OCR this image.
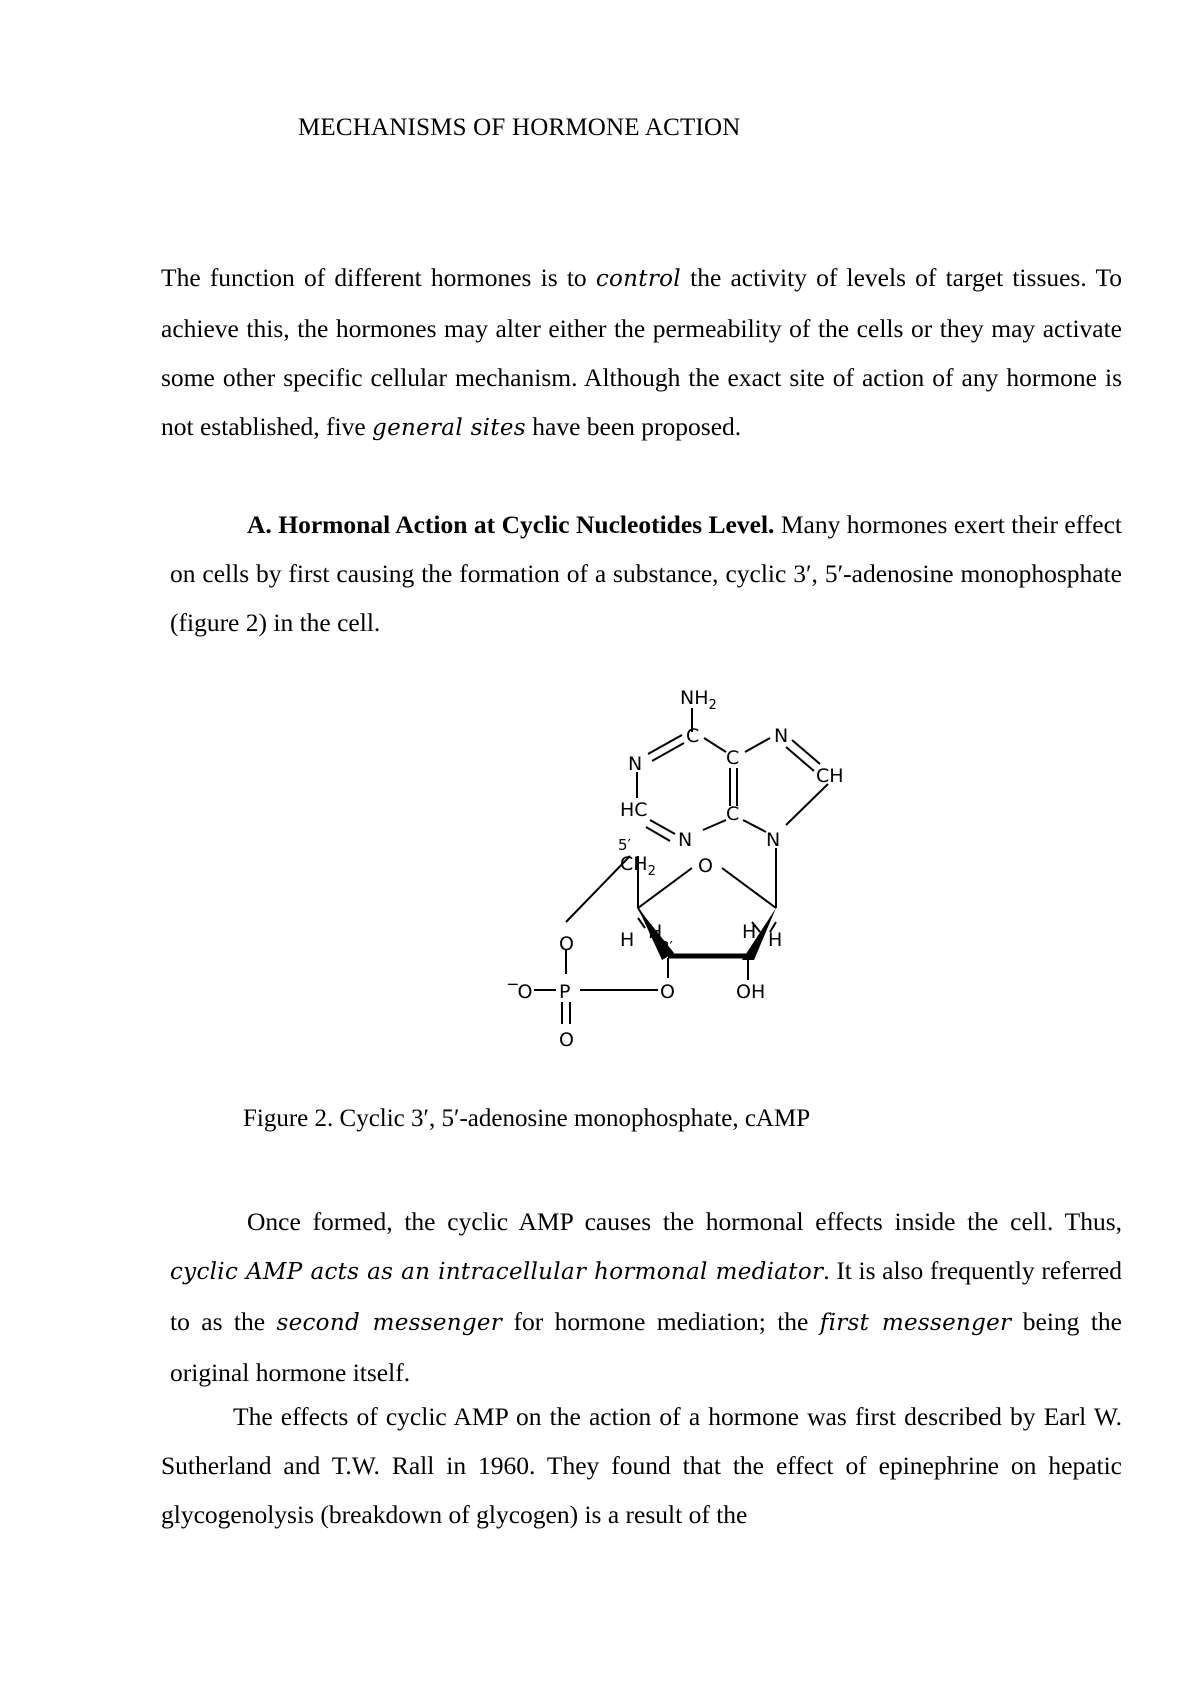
MECHANISMS OF HORMONE ACTION
The function of different hormones is to control the activity of levels of target tissues. To achieve this, the hormones may alter either the permeability of the cells or they may activate some other specific cellular mechanism. Although the exact site of action of any hormone is not established, five general sites have been proposed.
A. Hormonal Action at Cyclic Nucleotides Level. Many hormones exert their effect on cells by first causing the formation of a substance, cyclic 3′, 5′-adenosine monophosphate (figure 2) in the cell.
$NH_2$
C
N	C
N
CH
HC	C
N	N
5′
$CH_2$ O
H H
3′
H H
O
‾O P	O	OH
O
Figure 2. Cyclic 3′, 5′-adenosine monophosphate, cAMP
Once formed, the cyclic AMP causes the hormonal effects inside the cell. Thus, cyclic AMP acts as an intracellular hormonal mediator. It is also frequently referred to as the second messenger for hormone mediation; the first messenger being the original hormone itself.
The effects of cyclic AMP on the action of a hormone was first described by Earl W. Sutherland and T.W. Rall in 1960. They found that the effect of epinephrine on hepatic glycogenolysis (breakdown of glycogen) is a result of the
